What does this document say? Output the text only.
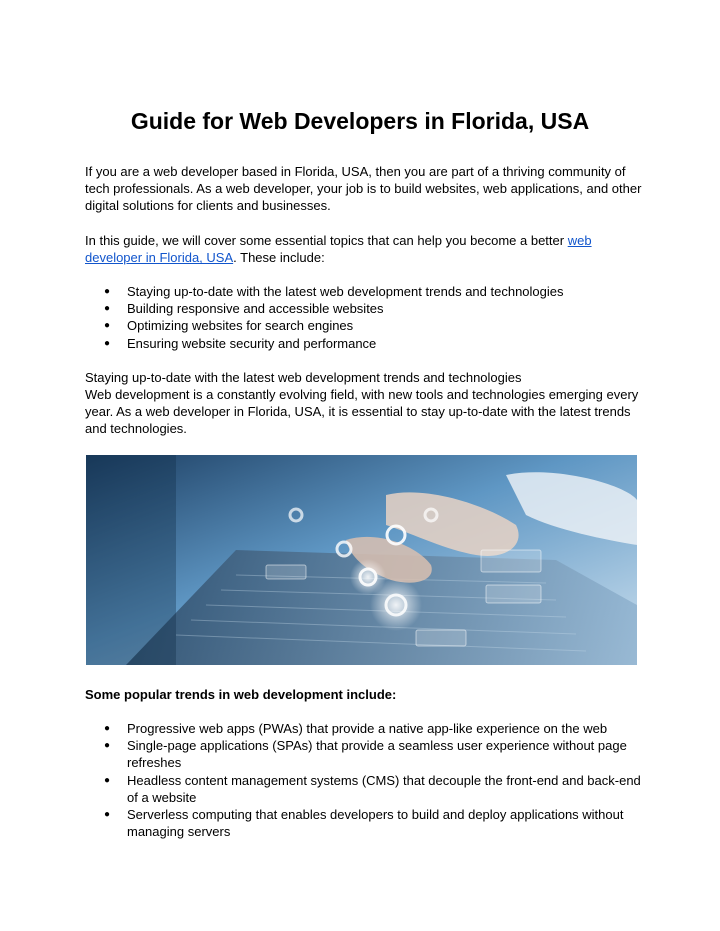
Guide for Web Developers in Florida, USA

If you are a web developer based in Florida, USA, then you are part of a thriving community of tech professionals. As a web developer, your job is to build websites, web applications, and other digital solutions for clients and businesses.

In this guide, we will cover some essential topics that can help you become a better web developer in Florida, USA. These include:

● Staying up-to-date with the latest web development trends and technologies
● Building responsive and accessible websites
● Optimizing websites for search engines
● Ensuring website security and performance

Staying up-to-date with the latest web development trends and technologies

Web development is a constantly evolving field, with new tools and technologies emerging every year. As a web developer in Florida, USA, it is essential to stay up-to-date with the latest trends and technologies.

Some popular trends in web development include:

● Progressive web apps (PWAs) that provide a native app-like experience on the web
● Single-page applications (SPAs) that provide a seamless user experience without page refreshes
● Headless content management systems (CMS) that decouple the front-end and back-end of a website
● Serverless computing that enables developers to build and deploy applications without managing servers
